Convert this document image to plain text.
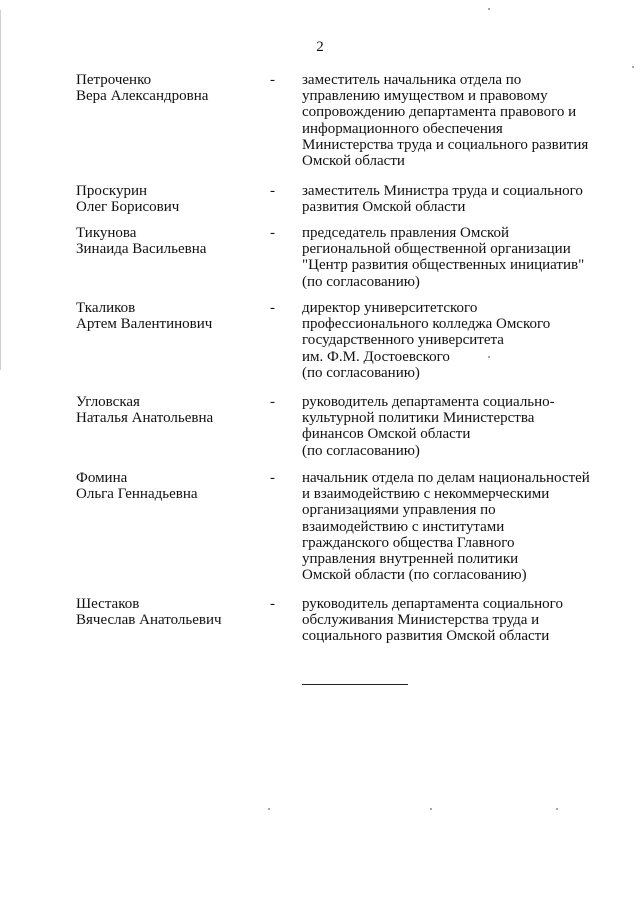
2
Петроченко
Вера Александровна
- заместитель начальника отдела по
управлению имуществом и правовому
сопровождению департамента правового и
информационного обеспечения
Министерства труда и социального развития
Омской области
Проскурин
Олег Борисович
- заместитель Министра труда и социального
развития Омской области
Тикунова
Зинаида Васильевна
- председатель правления Омской
региональной общественной организации
"Центр развития общественных инициатив"
(по согласованию)
Ткаликов
Артем Валентинович
- директор университетского
профессионального колледжа Омского
государственного университета
им. Ф.М. Достоевского
(по согласованию)
Угловская
Наталья Анатольевна
- руководитель департамента социально-
культурной политики Министерства
финансов Омской области
(по согласованию)
Фомина
Ольга Геннадьевна
- начальник отдела по делам национальностей
и взаимодействию с некоммерческими
организациями управления по
взаимодействию с институтами
гражданского общества Главного
управления внутренней политики
Омской области (по согласованию)
Шестаков
Вячеслав Анатольевич
- руководитель департамента социального
обслуживания Министерства труда и
социального развития Омской области
